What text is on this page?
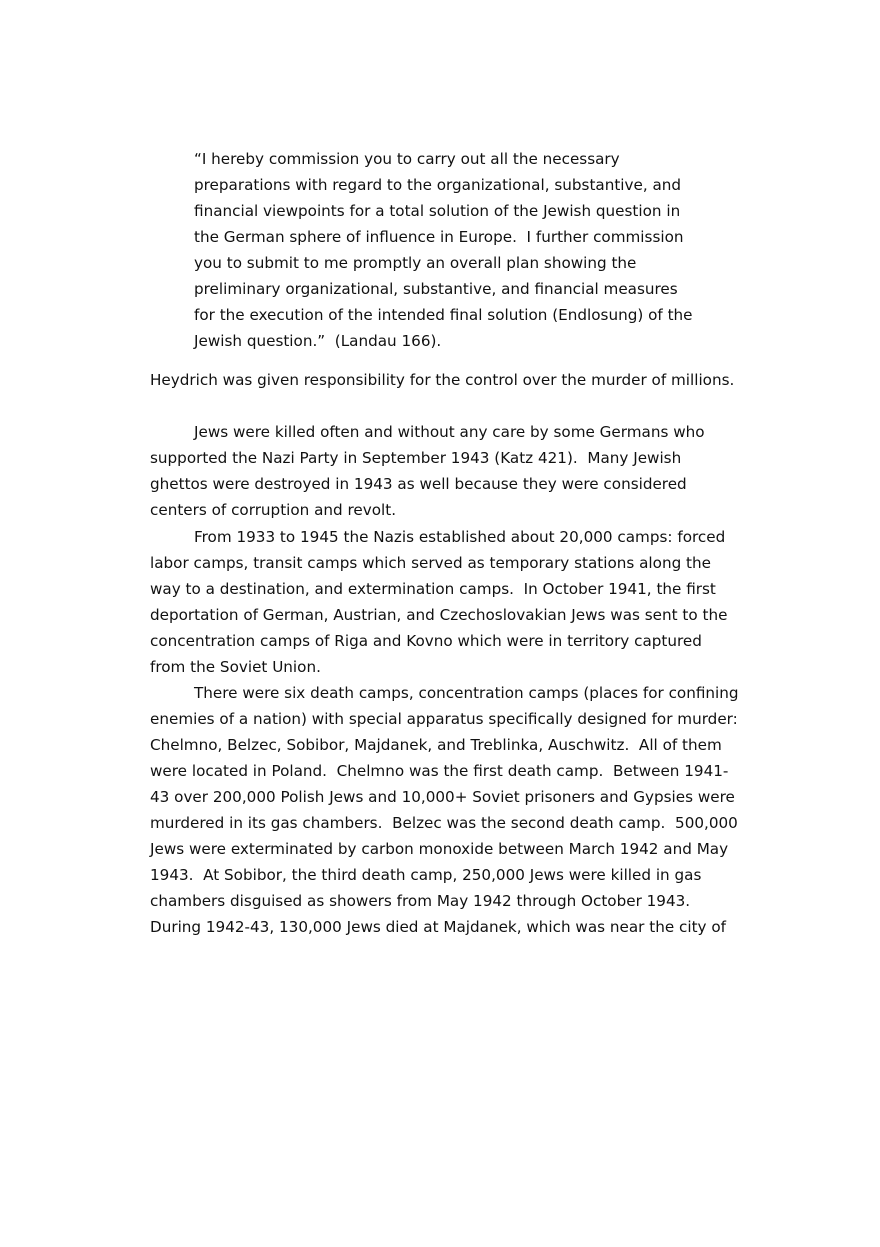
“I hereby commission you to carry out all the necessary

preparations with regard to the organizational, substantive, and

financial viewpoints for a total solution of the Jewish question in

the German sphere of influence in Europe.  I further commission

you to submit to me promptly an overall plan showing the

preliminary organizational, substantive, and financial measures

for the execution of the intended final solution (Endlosung) of the

Jewish question.”  (Landau 166).

Heydrich was given responsibility for the control over the murder of millions.

Jews were killed often and without any care by some Germans who

supported the Nazi Party in September 1943 (Katz 421).  Many Jewish

ghettos were destroyed in 1943 as well because they were considered

centers of corruption and revolt.

From 1933 to 1945 the Nazis established about 20,000 camps: forced

labor camps, transit camps which served as temporary stations along the

way to a destination, and extermination camps.  In October 1941, the first

deportation of German, Austrian, and Czechoslovakian Jews was sent to the

concentration camps of Riga and Kovno which were in territory captured

from the Soviet Union.

There were six death camps, concentration camps (places for confining

enemies of a nation) with special apparatus specifically designed for murder:

Chelmno, Belzec, Sobibor, Majdanek, and Treblinka, Auschwitz.  All of them

were located in Poland.  Chelmno was the first death camp.  Between 1941-

43 over 200,000 Polish Jews and 10,000+ Soviet prisoners and Gypsies were

murdered in its gas chambers.  Belzec was the second death camp.  500,000

Jews were exterminated by carbon monoxide between March 1942 and May

1943.  At Sobibor, the third death camp, 250,000 Jews were killed in gas

chambers disguised as showers from May 1942 through October 1943.

During 1942-43, 130,000 Jews died at Majdanek, which was near the city of
